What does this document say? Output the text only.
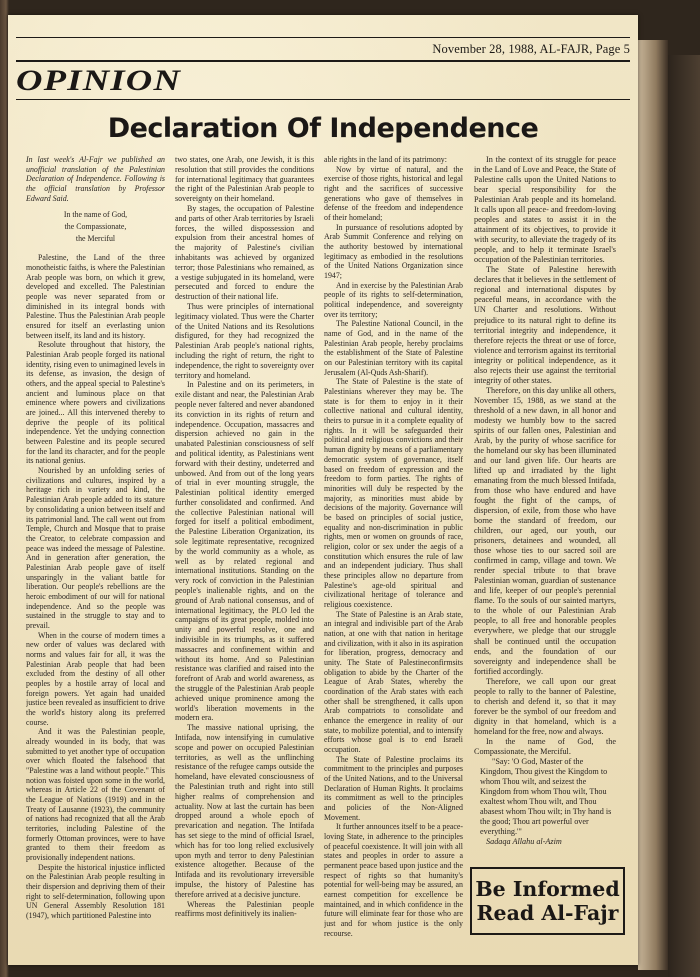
November 28, 1988, AL-FAJR, Page 5
OPINION
Declaration Of Independence

In last week's Al-Fajr we published an unofficial translation of the Palestinian Declaration of Independence. Following is the official translation by Professor Edward Said.

In the name of God,
the Compassionate,
the Merciful

Palestine, the Land of the three monotheistic faiths, is where the Palestinian Arab people was born, on which it grew, developed and excelled. The Palestinian people was never separated from or diminished in its integral bonds with Palestine. Thus the Palestinian Arab people ensured for itself an everlasting union between itself, its land and its history.

Resolute throughout that history, the Palestinian Arab people forged its national identity, rising even to unimagined levels in its defense, as invasion, the design of others, and the appeal special to Palestine's ancient and luminous place on that eminence where powers and civilizations are joined... All this intervened thereby to deprive the people of its political independence. Yet the undying connection between Palestine and its people secured for the land its character, and for the people its national genius.

Nourished by an unfolding series of civilizations and cultures, inspired by a heritage rich in variety and kind, the Palestinian Arab people added to its stature by consolidating a union between itself and its patrimonial land. The call went out from Temple, Church and Mosque that to praise the Creator, to celebrate compassion and peace was indeed the message of Palestine. And in generation after generation, the Palestinian Arab people gave of itself unsparingly in the valiant battle for liberation. Our people's rebellions are the heroic embodiment of our will for national independence. And so the people was sustained in the struggle to stay and to prevail.

When in the course of modern times a new order of values was declared with norms and values fair for all, it was the Palestinian Arab people that had been excluded from the destiny of all other peoples by a hostile array of local and foreign powers. Yet again had unaided justice been revealed as insufficient to drive the world's history along its preferred course.

And it was the Palestinian people, already wounded in its body, that was submitted to yet another type of occupation over which floated the falsehood that "Palestine was a land without people." This notion was foisted upon some in the world, whereas in Article 22 of the Covenant of the League of Nations (1919) and in the Treaty of Lausanne (1923), the community of nations had recognized that all the Arab territories, including Palestine of the formerly Ottoman provinces, were to have granted to them their freedom as provisionally independent nations.

Despite the historical injustice inflicted on the Palestinian Arab people resulting in their dispersion and depriving them of their right to self-determination, following upon UN General Assembly Resolution 181 (1947), which partitioned Palestine into

two states, one Arab, one Jewish, it is this resolution that still provides the conditions for international legitimacy that guarantees the right of the Palestinian Arab people to sovereignty on their homeland.

By stages, the occupation of Palestine and parts of other Arab territories by Israeli forces, the willed dispossession and expulsion from their ancestral homes of the majority of Palestine's civilian inhabitants was achieved by organized terror; those Palestinians who remained, as a vestige subjugated in its homeland, were persecuted and forced to endure the destruction of their national life.

Thus were principles of international legitimacy violated. Thus were the Charter of the United Nations and its Resolutions disfigured, for they had recognized the Palestinian Arab people's national rights, including the right of return, the right to independence, the right to sovereignty over territory and homeland.

In Palestine and on its perimeters, in exile distant and near, the Palestinian Arab people never faltered and never abandoned its conviction in its rights of return and independence. Occupation, massacres and dispersion achieved no gain in the unabated Palestinian consciousness of self and political identity, as Palestinians went forward with their destiny, undeterred and unbowed. And from out of the long years of trial in ever mounting struggle, the Palestinian political identity emerged further consolidated and confirmed. And the collective Palestinian national will forged for itself a political embodiment, the Palestine Liberation Organization, its sole legitimate representative, recognized by the world community as a whole, as well as by related regional and international institutions. Standing on the very rock of conviction in the Palestinian people's inalienable rights, and on the ground of Arab national consensus, and of international legitimacy, the PLO led the campaigns of its great people, molded into unity and powerful resolve, one and indivisible in its triumphs, as it suffered massacres and confinement within and without its home. And so Palestinian resistance was clarified and raised into the forefront of Arab and world awareness, as the struggle of the Palestinian Arab people achieved unique prominence among the world's liberation movements in the modern era.

The massive national uprising, the Intifada, now intensifying in cumulative scope and power on occupied Palestinian territories, as well as the unflinching resistance of the refugee camps outside the homeland, have elevated consciousness of the Palestinian truth and right into still higher realms of comprehension and actuality. Now at last the curtain has been dropped around a whole epoch of prevarication and negation. The Intifada has set siege to the mind of official Israel, which has for too long relied exclusively upon myth and terror to deny Palestinian existence altogether. Because of the Intifada and its revolutionary irreversible impulse, the history of Palestine has therefore arrived at a decisive juncture.

Whereas the Palestinian people reaffirms most definitively its inalien-

able rights in the land of its patrimony:

Now by virtue of natural, and the exercise of those rights, historical and legal right and the sacrifices of successive generations who gave of themselves in defense of the freedom and independence of their homeland;

In pursuance of resolutions adopted by Arab Summit Conference and relying on the authority bestowed by international legitimacy as embodied in the resolutions of the United Nations Organization since 1947;

And in exercise by the Palestinian Arab people of its rights to self-determination, political independence, and sovereignty over its territory;

The Palestine National Council, in the name of God, and in the name of the Palestinian Arab people, hereby proclaims the establishment of the State of Palestine on our Palestinian territory with its capital Jerusalem (Al-Quds Ash-Sharif).

The State of Palestine is the state of Palestinians wherever they may be. The state is for them to enjoy in it their collective national and cultural identity, theirs to pursue in it a complete equality of rights. In it will be safeguarded their political and religious convictions and their human dignity by means of a parliamentary democratic system of governance, itself based on freedom of expression and the freedom to form parties. The rights of minorities will duly be respected by the majority, as minorities must abide by decisions of the majority. Governance will be based on principles of social justice, equality and non-discrimination in public rights, men or women on grounds of race, religion, color or sex under the aegis of a constitution which ensures the rule of law and an independent judiciary. Thus shall these principles allow no departure from Palestine's age-old spiritual and civilizational heritage of tolerance and religious coexistence.

The State of Palestine is an Arab state, an integral and indivisible part of the Arab nation, at one with that nation in heritage and civilization, with it also in its aspiration for liberation, progress, democracy and unity. The State of Palestineconfirmsits obligation to abide by the Charter of the League of Arab States, whereby the coordination of the Arab states with each other shall be strengthened, it calls upon Arab compatriots to consolidate and enhance the emergence in reality of our state, to mobilize potential, and to intensify efforts whose goal is to end Israeli occupation.

The State of Palestine proclaims its commitment to the principles and purposes of the United Nations, and to the Universal Declaration of Human Rights. It proclaims its commitment as well to the principles and policies of the Non-Aligned Movement.

It further announces itself to be a peace-loving State, in adherence to the principles of peaceful coexistence. It will join with all states and peoples in order to assure a permanent peace based upon justice and the respect of rights so that humanity's potential for well-being may be assured, an earnest competition for excellence be maintained, and in which confidence in the future will eliminate fear for those who are just and for whom justice is the only recourse.

In the context of its struggle for peace in the Land of Love and Peace, the State of Palestine calls upon the United Nations to bear special responsibility for the Palestinian Arab people and its homeland. It calls upon all peace- and freedom-loving peoples and states to assist it in the attainment of its objectives, to provide it with security, to alleviate the tragedy of its people, and to help it terminate Israel's occupation of the Palestinian territories.

The State of Palestine herewith declares that it believes in the settlement of regional and international disputes by peaceful means, in accordance with the UN Charter and resolutions. Without prejudice to its natural right to define its territorial integrity and independence, it therefore rejects the threat or use of force, violence and terrorism against its territorial integrity or political independence, as it also rejects their use against the territorial integrity of other states.

Therefore, on this day unlike all others, November 15, 1988, as we stand at the threshold of a new dawn, in all honor and modesty we humbly bow to the sacred spirits of our fallen ones, Palestinian and Arab, by the purity of whose sacrifice for the homeland our sky has been illuminated and our land given life. Our hearts are lifted up and irradiated by the light emanating from the much blessed Intifada, from those who have endured and have fought the fight of the camps, of dispersion, of exile, from those who have borne the standard of freedom, our children, our aged, our youth, our prisoners, detainees and wounded, all those whose ties to our sacred soil are confirmed in camp, village and town. We render special tribute to that brave Palestinian woman, guardian of sustenance and life, keeper of our people's perennial flame. To the souls of our sainted martyrs, to the whole of our Palestinian Arab people, to all free and honorable peoples everywhere, we pledge that our struggle shall be continued until the occupation ends, and the foundation of our sovereignty and independence shall be fortified accordingly.

Therefore, we call upon our great people to rally to the banner of Palestine, to cherish and defend it, so that it may forever be the symbol of our freedom and dignity in that homeland, which is a homeland for the free, now and always.

In the name of God, the Compassionate, the Merciful.

"Say: 'O God, Master of the Kingdom, Thou givest the Kingdom to whom Thou wilt, and seizest the Kingdom from whom Thou wilt, Thou exaltest whom Thou wilt, and Thou abasest whom Thou wilt; in Thy hand is the good; Thou art powerful over everything.'"

Sadaqa Allahu al-Azim

Be Informed
Read Al-Fajr
